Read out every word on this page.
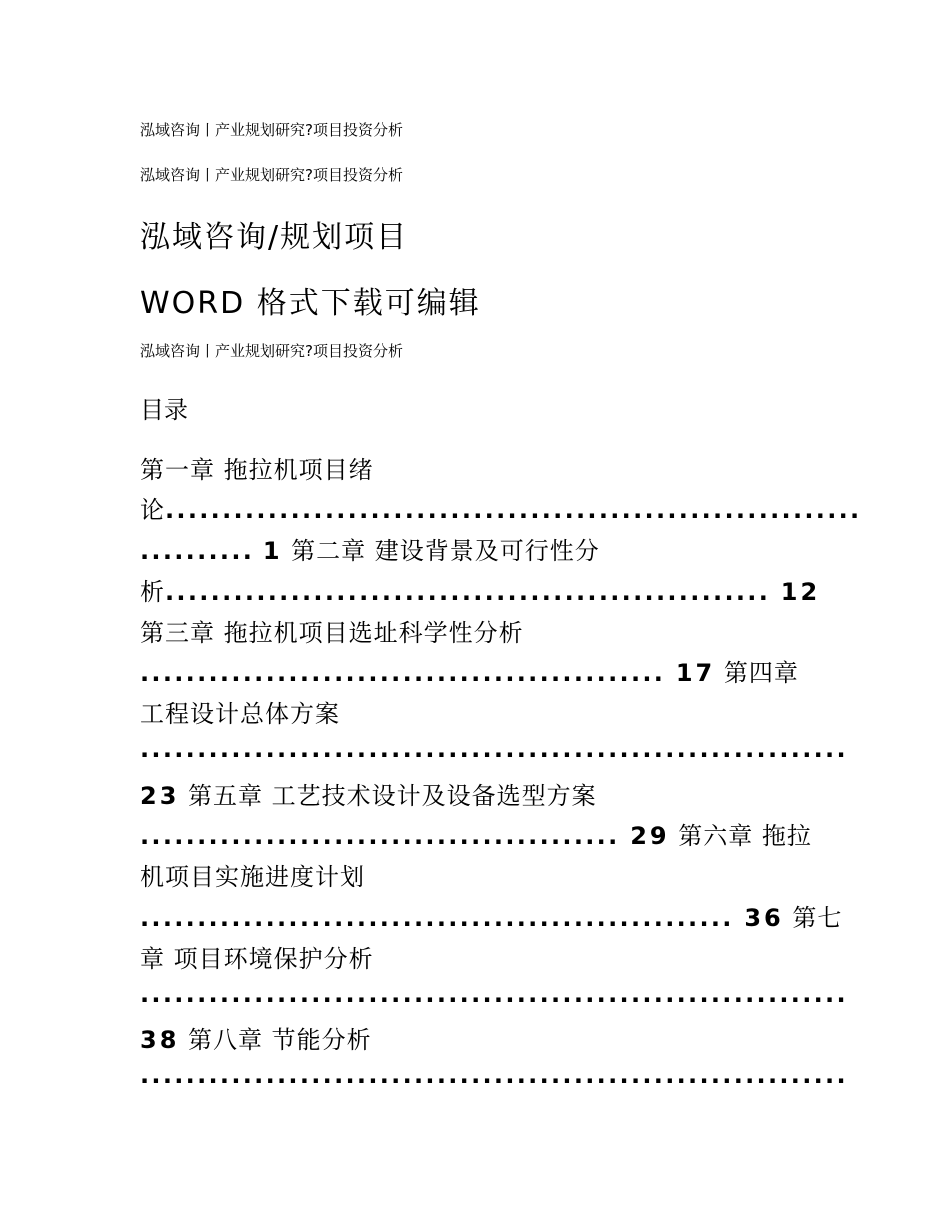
泓域咨询丨产业规划研究?项目投资分析
泓域咨询丨产业规划研究?项目投资分析
泓域咨询/规划项目
WORD 格式下载可编辑
泓域咨询丨产业规划研究?项目投资分析
目录
第一章 拖拉机项目绪
论.............................................................
.......... 1 第二章 建设背景及可行性分
析..................................................... 12
第三章 拖拉机项目选址科学性分析
.............................................. 17 第四章
工程设计总体方案
..............................................................
23 第五章 工艺技术设计及设备选型方案
.......................................... 29 第六章 拖拉
机项目实施进度计划
.................................................... 36 第七
章 项目环境保护分析
..............................................................
38 第八章 节能分析
..............................................................
